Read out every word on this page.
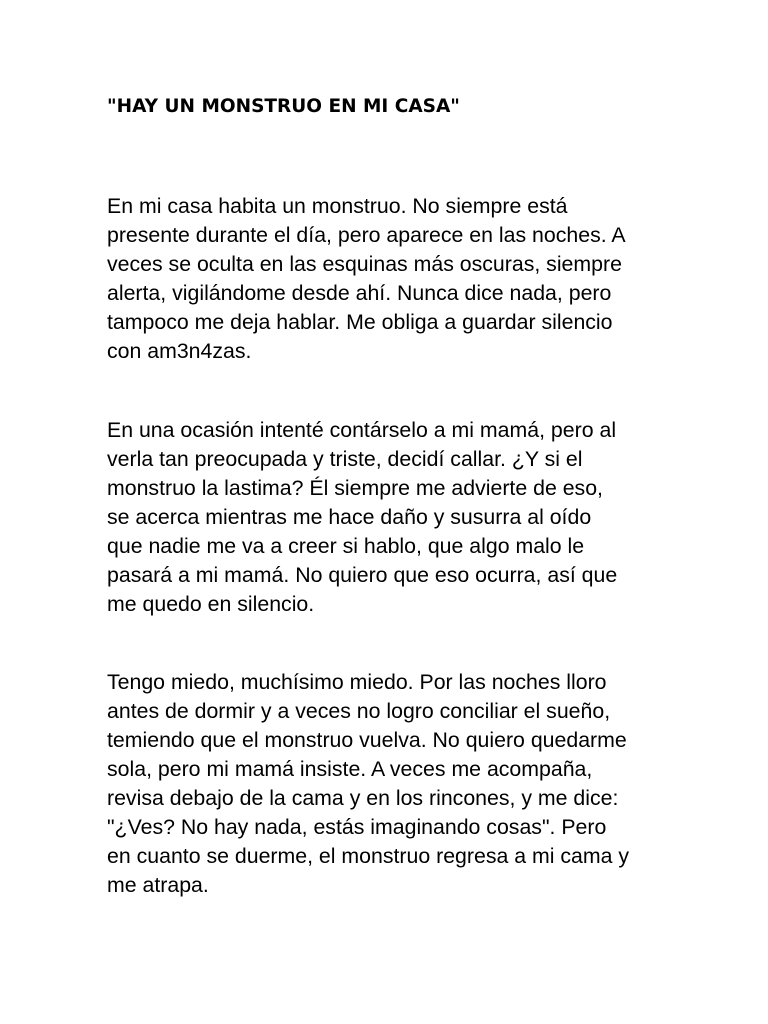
"HAY UN MONSTRUO EN MI CASA"

En mi casa habita un monstruo. No siempre está
presente durante el día, pero aparece en las noches. A
veces se oculta en las esquinas más oscuras, siempre
alerta, vigilándome desde ahí. Nunca dice nada, pero
tampoco me deja hablar. Me obliga a guardar silencio
con am3n4zas.

En una ocasión intenté contárselo a mi mamá, pero al
verla tan preocupada y triste, decidí callar. ¿Y si el
monstruo la lastima? Él siempre me advierte de eso,
se acerca mientras me hace daño y susurra al oído
que nadie me va a creer si hablo, que algo malo le
pasará a mi mamá. No quiero que eso ocurra, así que
me quedo en silencio.

Tengo miedo, muchísimo miedo. Por las noches lloro
antes de dormir y a veces no logro conciliar el sueño,
temiendo que el monstruo vuelva. No quiero quedarme
sola, pero mi mamá insiste. A veces me acompaña,
revisa debajo de la cama y en los rincones, y me dice:
"¿Ves? No hay nada, estás imaginando cosas". Pero
en cuanto se duerme, el monstruo regresa a mi cama y
me atrapa.
